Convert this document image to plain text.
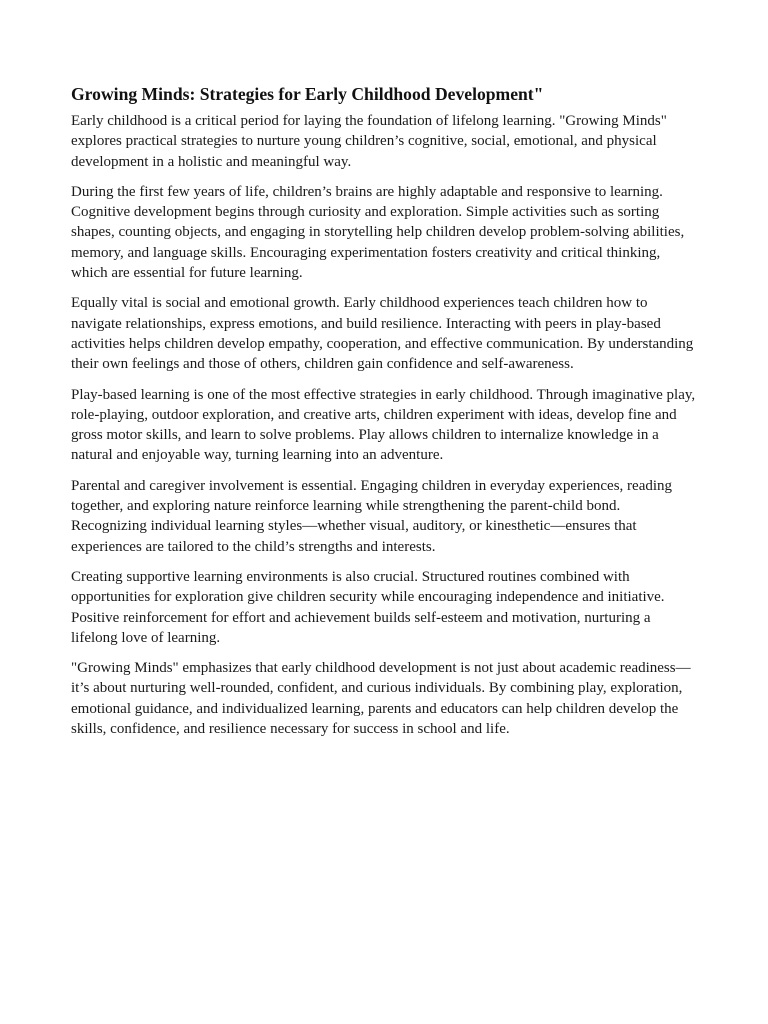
Growing Minds: Strategies for Early Childhood Development"

Early childhood is a critical period for laying the foundation of lifelong learning. "Growing Minds" explores practical strategies to nurture young children’s cognitive, social, emotional, and physical development in a holistic and meaningful way.

During the first few years of life, children’s brains are highly adaptable and responsive to learning. Cognitive development begins through curiosity and exploration. Simple activities such as sorting shapes, counting objects, and engaging in storytelling help children develop problem-solving abilities, memory, and language skills. Encouraging experimentation fosters creativity and critical thinking, which are essential for future learning.

Equally vital is social and emotional growth. Early childhood experiences teach children how to navigate relationships, express emotions, and build resilience. Interacting with peers in play-based activities helps children develop empathy, cooperation, and effective communication. By understanding their own feelings and those of others, children gain confidence and self-awareness.

Play-based learning is one of the most effective strategies in early childhood. Through imaginative play, role-playing, outdoor exploration, and creative arts, children experiment with ideas, develop fine and gross motor skills, and learn to solve problems. Play allows children to internalize knowledge in a natural and enjoyable way, turning learning into an adventure.

Parental and caregiver involvement is essential. Engaging children in everyday experiences, reading together, and exploring nature reinforce learning while strengthening the parent-child bond. Recognizing individual learning styles—whether visual, auditory, or kinesthetic—ensures that experiences are tailored to the child’s strengths and interests.

Creating supportive learning environments is also crucial. Structured routines combined with opportunities for exploration give children security while encouraging independence and initiative. Positive reinforcement for effort and achievement builds self-esteem and motivation, nurturing a lifelong love of learning.

"Growing Minds" emphasizes that early childhood development is not just about academic readiness—it’s about nurturing well-rounded, confident, and curious individuals. By combining play, exploration, emotional guidance, and individualized learning, parents and educators can help children develop the skills, confidence, and resilience necessary for success in school and life.
